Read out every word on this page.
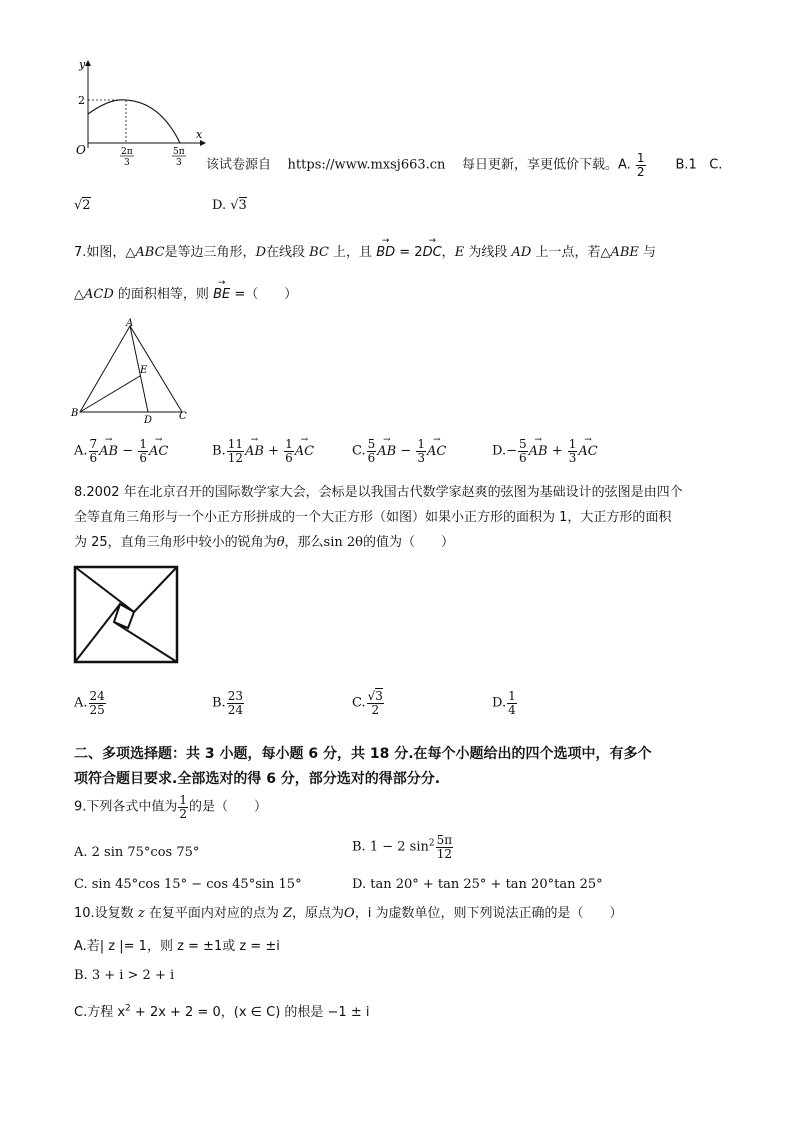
y
x
O
2
2π
3
5π
3 该试卷源自 https://www.mxsj663.cn 每日更新，享更低价下载。A. $\frac{1}{2} B.1$ C.
√2	D. √3
7.如图，△ABC是等边三角形，D在线段 BC 上，且 → BD = 2→ DC，E 为线段 AD 上一点，若△ABE 与
△ACD 的面积相等，则 → BE =（　　）
A
B	C
D
E
A. $\frac{7}{6}$ → AB − $\frac{1}{6}$ → AC	B. $\frac{11}{12}$ → AB + $\frac{1}{6}$ → AC	C. $\frac{5}{6}$ → AB − $\frac{1}{3}$ → AC	$D.- \frac{5}{6}$ → AB + $\frac{1}{3}$ → AC
8.2002 年在北京召开的国际数学家大会，会标是以我国古代数学家赵爽的弦图为基础设计的弦图是由四个
全等直角三角形与一个小正方形拼成的一个大正方形（如图）如果小正方形的面积为 1，大正方形的面积
为 25，直角三角形中较小的锐角为θ，那么sin 2θ的值为（　　）
A. $\frac{24}{25}$	B. $\frac{23}{24}$	C. $\frac{√3}{2}$	D. $\frac{1}{4}$
二、多项选择题：共 3 小题，每小题 6 分，共 18 分.在每个小题给出的四个选项中，有多个
项符合题目要求.全部选对的得 6 分，部分选对的得部分分.
9.下列各式中值为 $\frac{1}{2}$ 的是（　　）
A. 2 sin 75°cos 75°	B. 1 − 2 $\sin^2 \frac{5\pi}{12}$
C. sin 45°cos 15° − cos 45°sin 15°	D. tan 20° + tan 25° + tan 20°tan 25°
10.设复数 z 在复平面内对应的点为 Z，原点为O，i 为虚数单位，则下列说法正确的是（　　）
A.若| z |= 1，则 z = ±1或 z = ±i
B. 3 + i > 2 + i
C.方程 $x^2 + 2x + 2 = 0$，(x ∈ C) 的根是 −1 ± i
